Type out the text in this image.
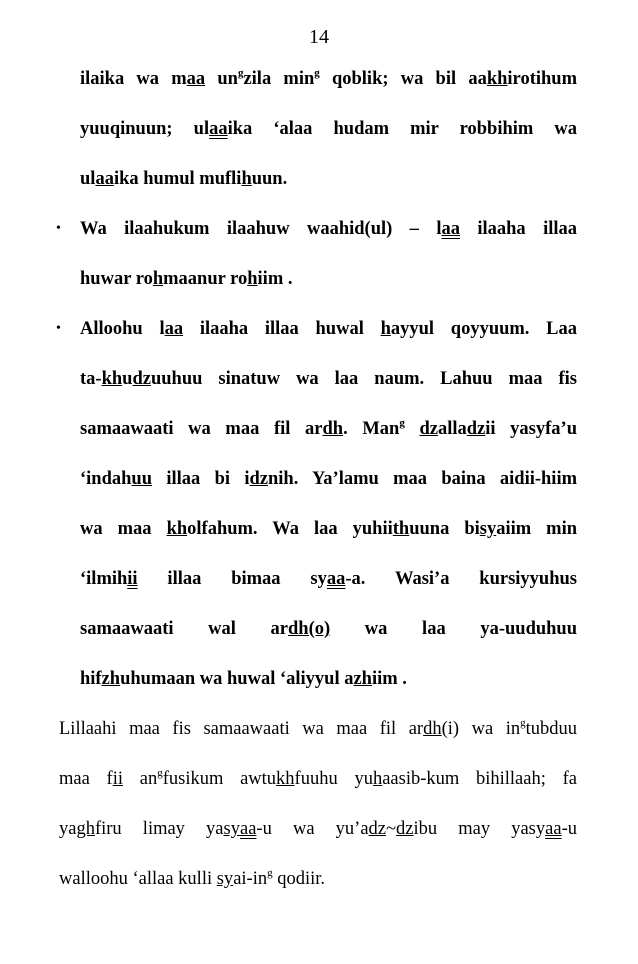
14
ilaika wa maa $un^gzila$ $\min^g$ qoblik; wa bil aakhirotihum
yuuqinuun; ulaaika ‘alaa hudam mir robbihim wa
ulaaika humul muflihuun.
• Wa ilaahukum ilaahuw waahid(ul) – laa ilaaha illaa
huwar rohmaanur rohiim .
• Alloohu laa ilaaha illaa huwal hayyul qoyyuum. Laa
ta-khudzuuhuu sinatuw wa laa naum. Lahuu maa fis
samaawaati wa maa fil ardh. Man$^g$ dzalladzii yasyfa’u
‘indahuu illaa bi idznih. Ya’lamu maa baina aidii-hiim
wa maa kholfahum. Wa laa yuhiithuuna bisyaiim min
‘ilmihii illaa bimaa syaa-a. Wasi’a kursiyyuhus
samaawaati wal ardh(o) wa laa ya-uuduhuu
hifzhuhumaan wa huwal ‘aliyyul azhiim .
Lillaahi maa fis samaawaati wa maa fil ardh(i) wa $in^gtubduu$
maa fii $an^gfusikum$ awtukhfuuhu yuhaasib-kum bihillaah; fa
yaghfiru limay yasyaa-u wa yu’adz~dzibu may yasyaa-u
walloohu ‘allaa kulli syai-$in^g$ qodiir.
